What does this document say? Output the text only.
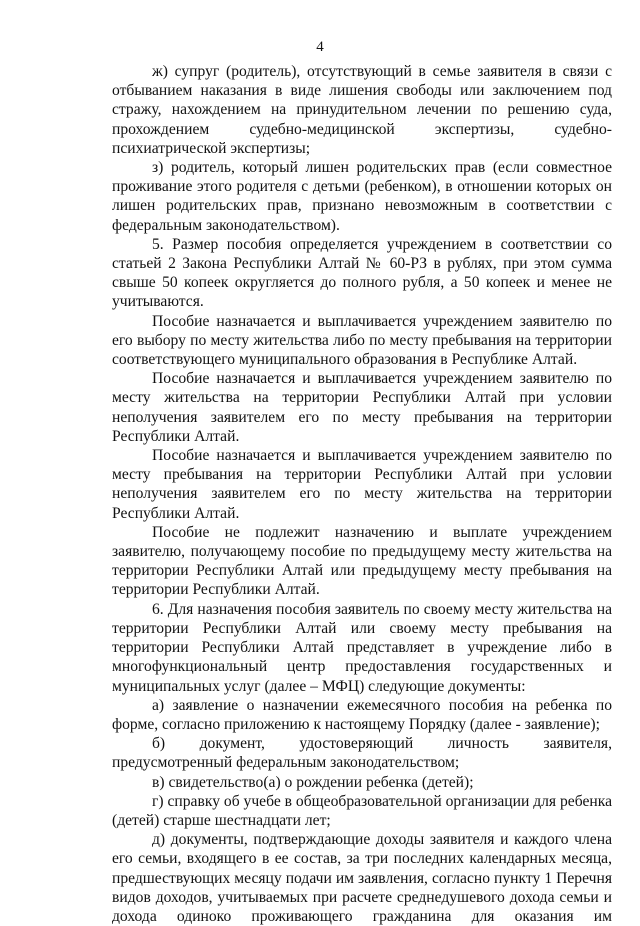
4

ж) супруг (родитель), отсутствующий в семье заявителя в связи с отбыванием наказания в виде лишения свободы или заключением под стражу, нахождением на принудительном лечении по решению суда, прохождением судебно-медицинской экспертизы, судебно-психиатрической экспертизы;

з) родитель, который лишен родительских прав (если совместное проживание этого родителя с детьми (ребенком), в отношении которых он лишен родительских прав, признано невозможным в соответствии с федеральным законодательством).

5. Размер пособия определяется учреждением в соответствии со статьей 2 Закона Республики Алтай № 60-РЗ в рублях, при этом сумма свыше 50 копеек округляется до полного рубля, а 50 копеек и менее не учитываются.

Пособие назначается и выплачивается учреждением заявителю по его выбору по месту жительства либо по месту пребывания на территории соответствующего муниципального образования в Республике Алтай.

Пособие назначается и выплачивается учреждением заявителю по месту жительства на территории Республики Алтай при условии неполучения заявителем его по месту пребывания на территории Республики Алтай.

Пособие назначается и выплачивается учреждением заявителю по месту пребывания на территории Республики Алтай при условии неполучения заявителем его по месту жительства на территории Республики Алтай.

Пособие не подлежит назначению и выплате учреждением заявителю, получающему пособие по предыдущему месту жительства на территории Республики Алтай или предыдущему месту пребывания на территории Республики Алтай.

6. Для назначения пособия заявитель по своему месту жительства на территории Республики Алтай или своему месту пребывания на территории Республики Алтай представляет в учреждение либо в многофункциональный центр предоставления государственных и муниципальных услуг (далее – МФЦ) следующие документы:

а) заявление о назначении ежемесячного пособия на ребенка по форме, согласно приложению к настоящему Порядку (далее - заявление);

б) документ, удостоверяющий личность заявителя, предусмотренный федеральным законодательством;

в) свидетельство(а) о рождении ребенка (детей);

г) справку об учебе в общеобразовательной организации для ребенка (детей) старше шестнадцати лет;

д) документы, подтверждающие доходы заявителя и каждого члена его семьи, входящего в ее состав, за три последних календарных месяца, предшествующих месяцу подачи им заявления, согласно пункту 1 Перечня видов доходов, учитываемых при расчете среднедушевого дохода семьи и дохода одиноко проживающего гражданина для оказания им
